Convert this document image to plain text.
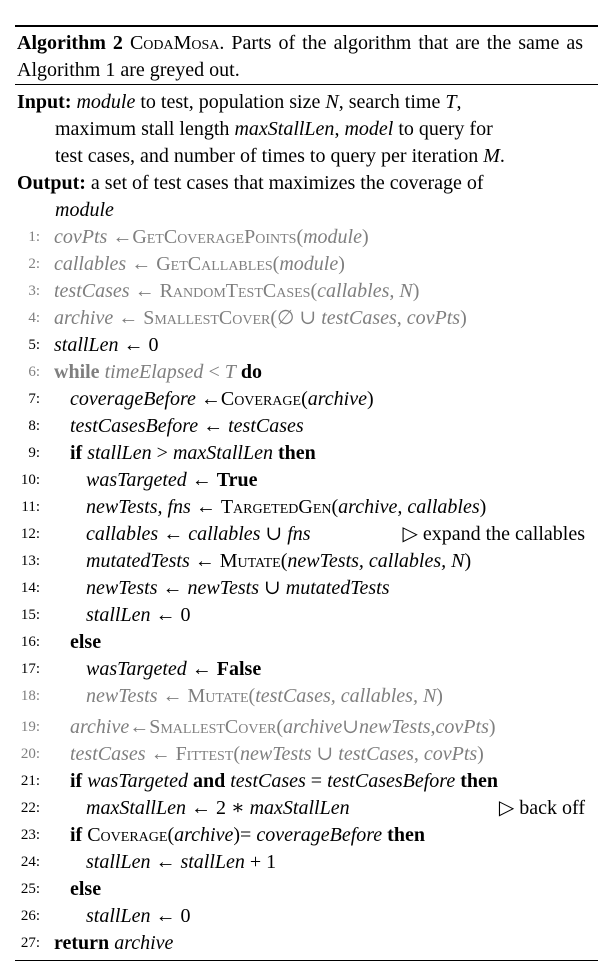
Algorithm 2 CodaMosa. Parts of the algorithm that are the same as Algorithm 1 are greyed out.
Input: module to test, population size N, search time T,
maximum stall length maxStallLen, model to query for
test cases, and number of times to query per iteration M.
Output: a set of test cases that maximizes the coverage of
module
1: covPts ←GetCoveragePoints(module)
2: callables ← GetCallables(module)
3: testCases ← RandomTestCases(callables, N)
4: archive ← SmallestCover(∅ ∪ testCases, covPts)
5: stallLen ← 0
6: while timeElapsed < T do
7: coverageBefore ←Coverage(archive)
8: testCasesBefore ← testCases
9: if stallLen > maxStallLen then
10: wasTargeted ← True
11: newTests, fns ← TargetedGen(archive, callables)
12: callables ← callables ∪ fns	▷ expand the callables
13: mutatedTests ← Mutate(newTests, callables, N)
14: newTests ← newTests ∪ mutatedTests
15: stallLen ← 0
16: else
17: wasTargeted ← False
18: newTests ← Mutate(testCases, callables, N)
19: archive←SmallestCover(archive∪newTests,covPts)
20: testCases ← Fittest(newTests ∪ testCases, covPts)
21: if wasTargeted and testCases = testCasesBefore then
22: maxStallLen ← 2 ∗ maxStallLen	▷ back off
23: if Coverage(archive)= coverageBefore then
24: stallLen ← stallLen + 1
25: else
26: stallLen ← 0
27: return archive
